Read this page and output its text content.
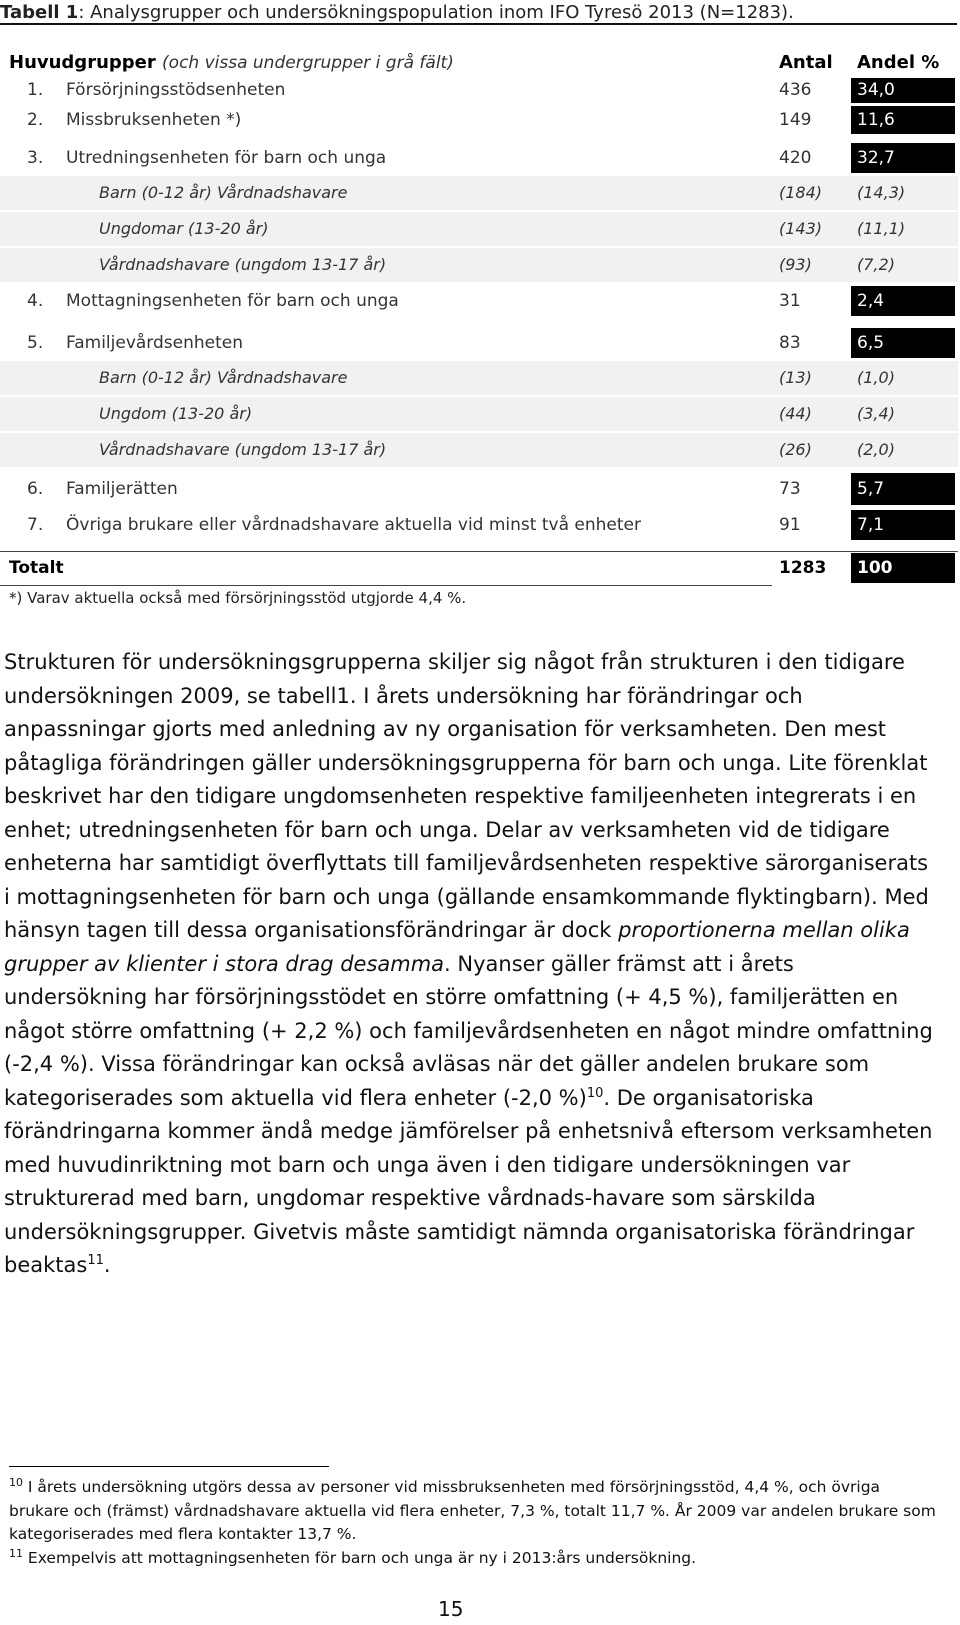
Tabell 1: Analysgrupper och undersökningspopulation inom IFO Tyresö 2013 (N=1283).
Huvudgrupper (och vissa undergrupper i grå fält)	Antal Andel %
1. Försörjningsstödsenheten	436	34,0
2. Missbruksenheten *)	149	11,6
3. Utredningsenheten för barn och unga	420	32,7
Barn (0-12 år) Vårdnadshavare	(184) (14,3)
Ungdomar (13-20 år)	(143) (11,1)
Vårdnadshavare (ungdom 13-17 år)	(93)	(7,2)
4. Mottagningsenheten för barn och unga	31	2,4
5. Familjevårdsenheten	83	6,5
Barn (0-12 år) Vårdnadshavare	(13)	(1,0)
Ungdom (13-20 år)	(44)	(3,4)
Vårdnadshavare (ungdom 13-17 år)	(26)	(2,0)
6. Familjerätten	73	5,7
7. Övriga brukare eller vårdnadshavare aktuella vid minst två enheter	91	7,1
Totalt	1283 100
*) Varav aktuella också med försörjningsstöd utgjorde 4,4 %.

Strukturen för undersökningsgrupperna skiljer sig något från strukturen i den tidigare undersökningen 2009, se tabell1. I årets undersökning har förändringar och anpassningar gjorts med anledning av ny organisation för verksamheten. Den mest påtagliga förändringen gäller undersökningsgrupperna för barn och unga. Lite förenklat beskrivet har den tidigare ungdomsenheten respektive familjeenheten integrerats i en enhet; utredningsenheten för barn och unga. Delar av verksamheten vid de tidigare enheterna har samtidigt överflyttats till familjevårdsenheten respektive särorganiserats i mottagningsenheten för barn och unga (gällande ensamkommande flyktingbarn). Med hänsyn tagen till dessa organisationsförändringar är dock proportionerna mellan olika grupper av klienter i stora drag desamma. Nyanser gäller främst att i årets undersökning har försörjningsstödet en större omfattning (+ 4,5 %), familjerätten en något större omfattning (+ 2,2 %) och familjevårdsenheten en något mindre omfattning (-2,4 %). Vissa förändringar kan också avläsas när det gäller andelen brukare som kategoriserades som aktuella vid flera enheter (-2,0 %)$^{10}$. De organisatoriska förändringarna kommer ändå medge jämförelser på enhetsnivå eftersom verksamheten med huvudinriktning mot barn och unga även i den tidigare undersökningen var strukturerad med barn, ungdomar respektive vårdnads-havare som särskilda undersökningsgrupper. Givetvis måste samtidigt nämnda organisatoriska förändringar beaktas$^{11}$.

$^{10}$ I årets undersökning utgörs dessa av personer vid missbruksenheten med försörjningsstöd, 4,4 %, och övriga brukare och (främst) vårdnadshavare aktuella vid flera enheter, 7,3 %, totalt 11,7 %. År 2009 var andelen brukare som kategoriserades med flera kontakter 13,7 %.

$^{11}$ Exempelvis att mottagningsenheten för barn och unga är ny i 2013:års undersökning.

15
